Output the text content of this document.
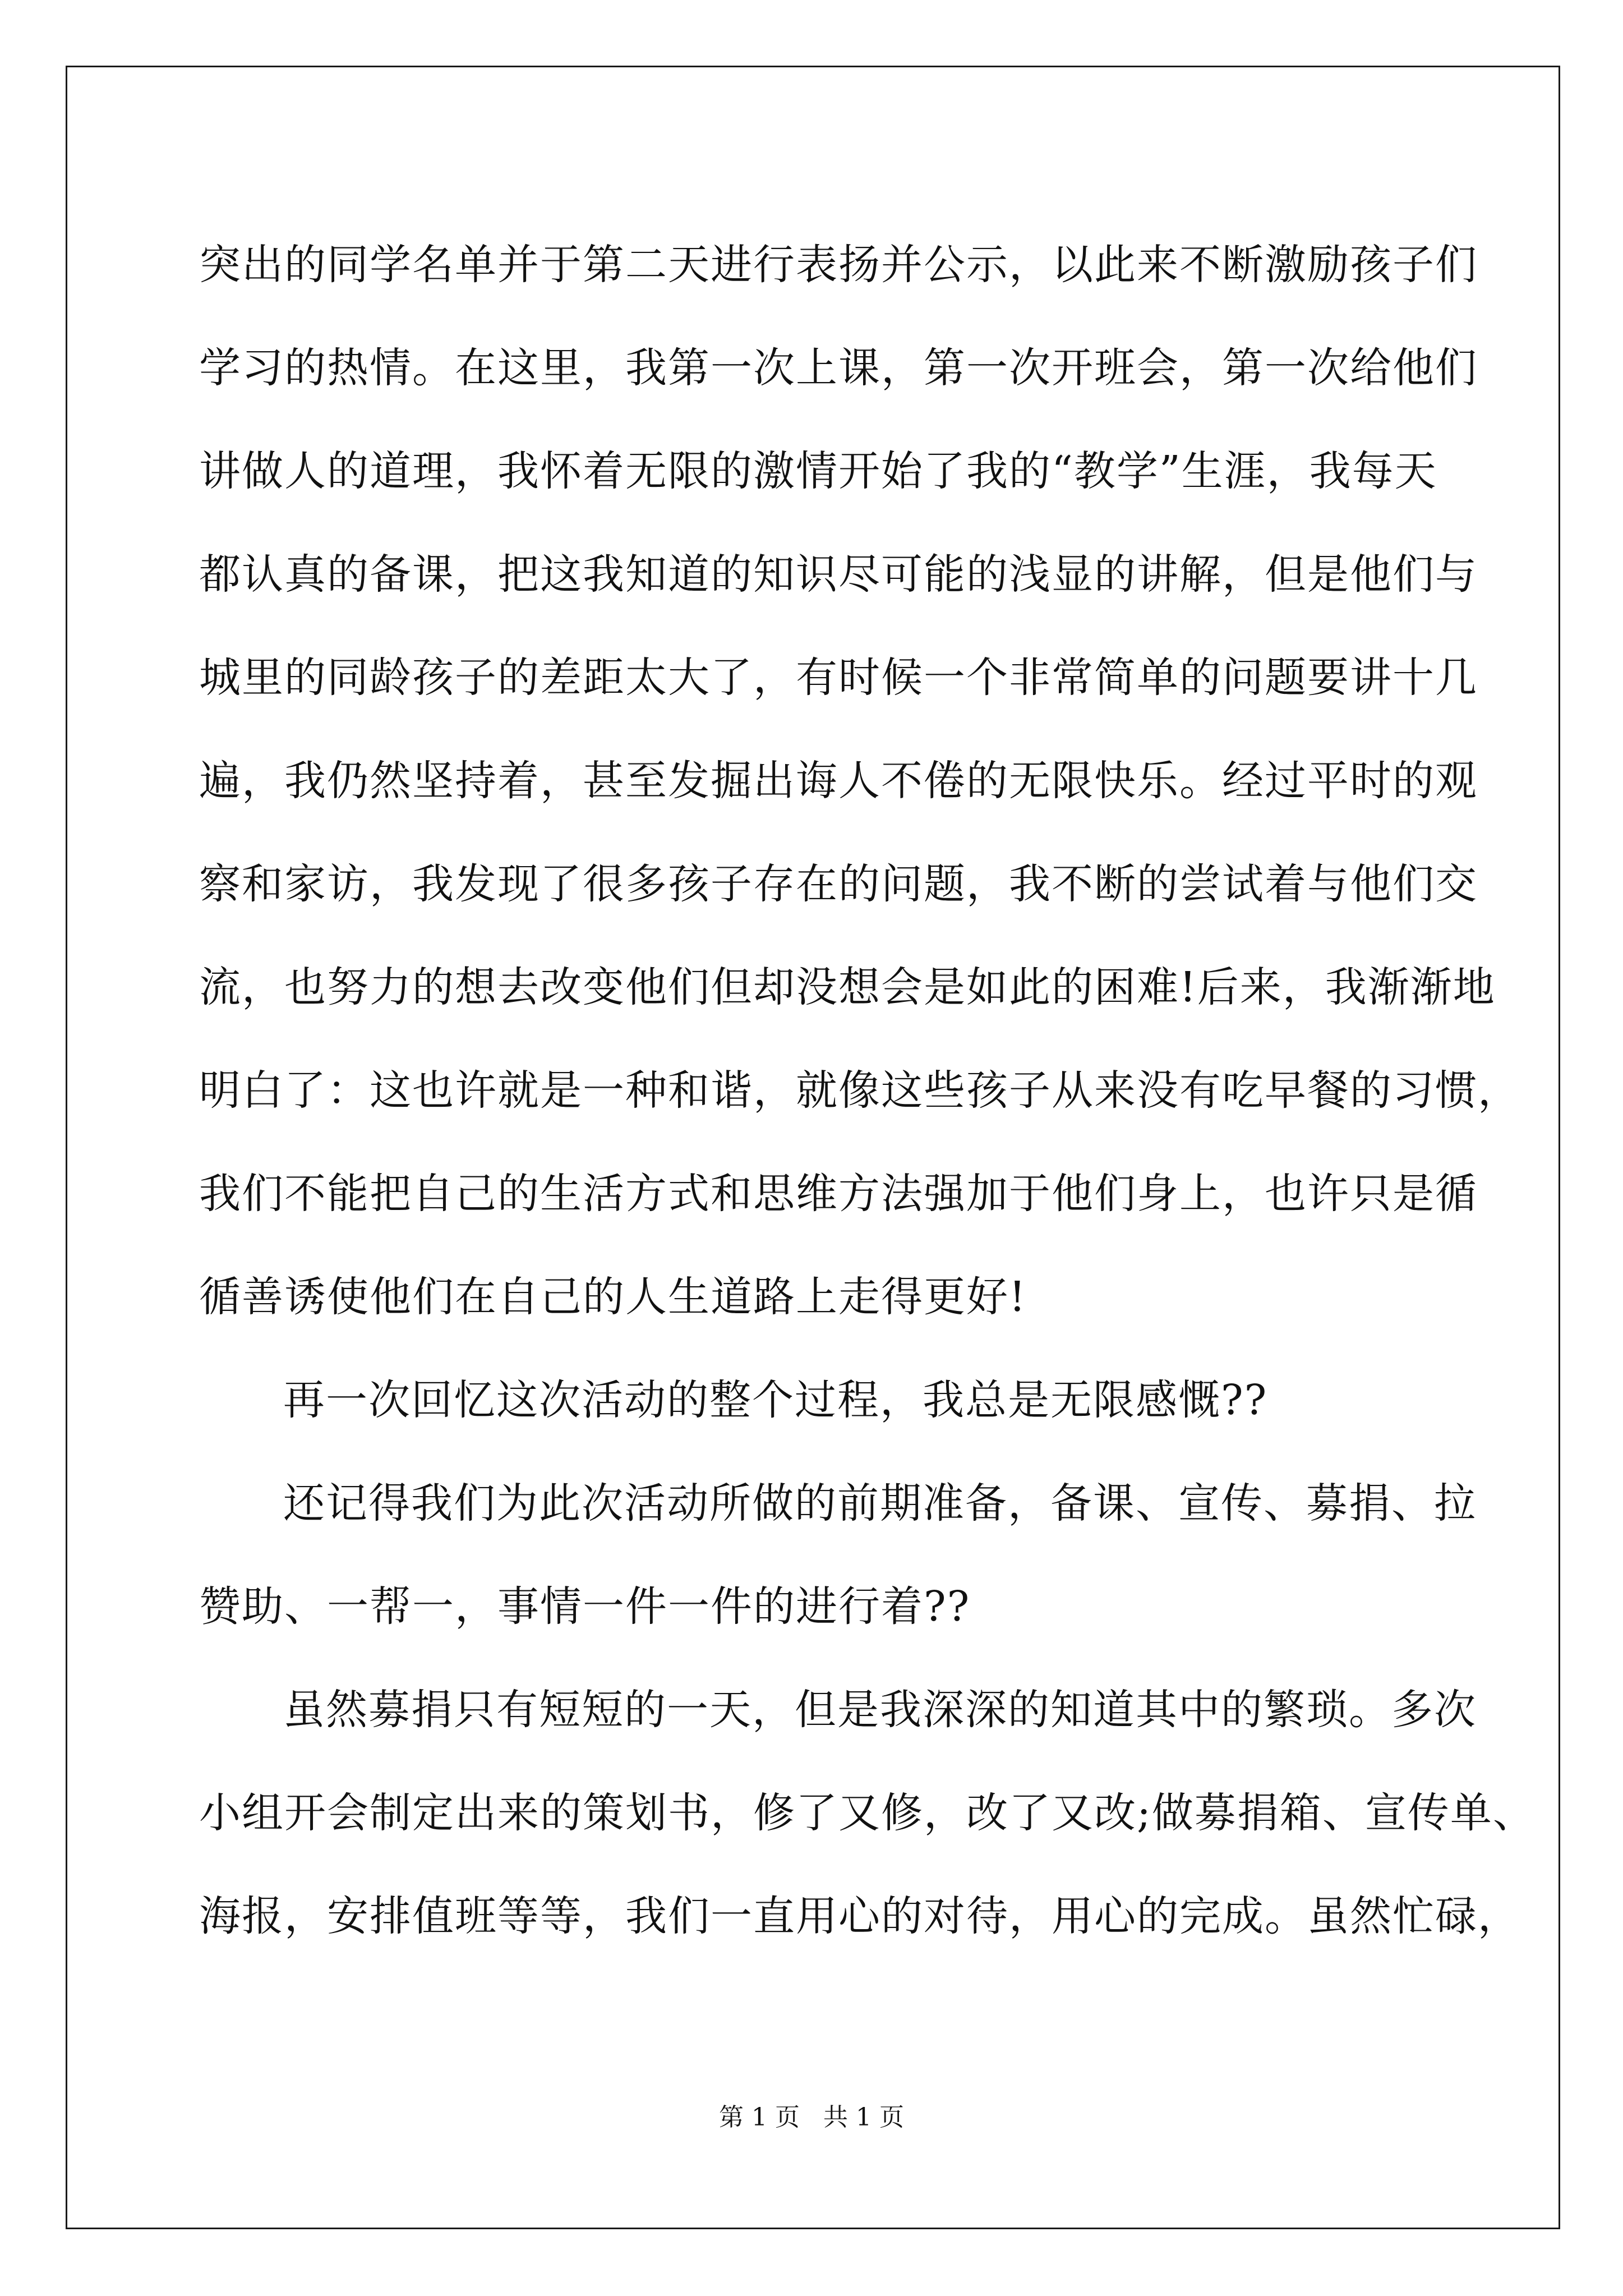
突出的同学名单并于第二天进行表扬并公示，以此来不断激励孩子们
学习的热情。在这里，我第一次上课，第一次开班会，第一次给他们
讲做人的道理，我怀着无限的激情开始了我的“教学”生涯，我每天
都认真的备课，把这我知道的知识尽可能的浅显的讲解，但是他们与
城里的同龄孩子的差距太大了，有时候一个非常简单的问题要讲十几
遍，我仍然坚持着，甚至发掘出诲人不倦的无限快乐。经过平时的观
察和家访，我发现了很多孩子存在的问题，我不断的尝试着与他们交
流，也努力的想去改变他们但却没想会是如此的困难!后来，我渐渐地
明白了：这也许就是一种和谐，就像这些孩子从来没有吃早餐的习惯，
我们不能把自己的生活方式和思维方法强加于他们身上，也许只是循
循善诱使他们在自己的人生道路上走得更好!
再一次回忆这次活动的整个过程，我总是无限感慨??
还记得我们为此次活动所做的前期准备，备课、宣传、募捐、拉
赞助、一帮一，事情一件一件的进行着??
虽然募捐只有短短的一天，但是我深深的知道其中的繁琐。多次
小组开会制定出来的策划书，修了又修，改了又改;做募捐箱、宣传单、
海报，安排值班等等，我们一直用心的对待，用心的完成。虽然忙碌，
第 1 页   共 1 页
